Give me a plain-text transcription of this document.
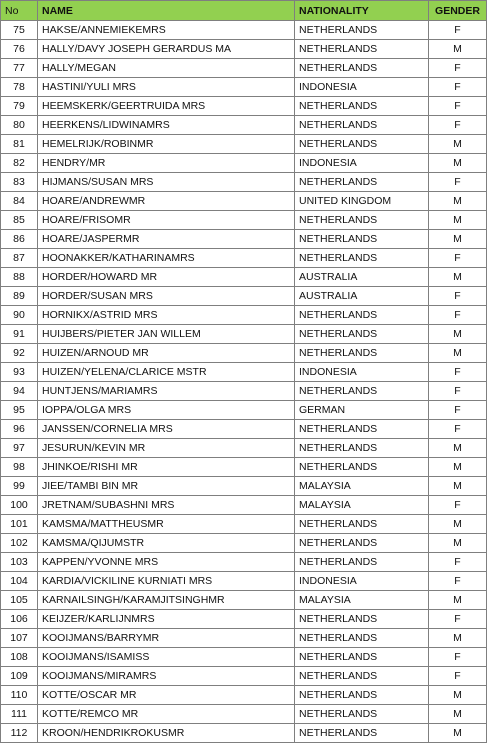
No	NAME	NATIONALITY	GENDER
75	HAKSE/ANNEMIEKEMRS	NETHERLANDS	F
76	HALLY/DAVY JOSEPH GERARDUS MA	NETHERLANDS	M
77	HALLY/MEGAN	NETHERLANDS	F
78	HASTINI/YULI MRS	INDONESIA	F
79	HEEMSKERK/GEERTRUIDA MRS	NETHERLANDS	F
80	HEERKENS/LIDWINAMRS	NETHERLANDS	F
81	HEMELRIJK/ROBINMR	NETHERLANDS	M
82	HENDRY/MR	INDONESIA	M
83	HIJMANS/SUSAN MRS	NETHERLANDS	F
84	HOARE/ANDREWMR	UNITED KINGDOM	M
85	HOARE/FRISOMR	NETHERLANDS	M
86	HOARE/JASPERMR	NETHERLANDS	M
87	HOONAKKER/KATHARINAMRS	NETHERLANDS	F
88	HORDER/HOWARD MR	AUSTRALIA	M
89	HORDER/SUSAN MRS	AUSTRALIA	F
90	HORNIKX/ASTRID MRS	NETHERLANDS	F
91	HUIJBERS/PIETER JAN WILLEM	NETHERLANDS	M
92	HUIZEN/ARNOUD MR	NETHERLANDS	M
93	HUIZEN/YELENA/CLARICE MSTR	INDONESIA	F
94	HUNTJENS/MARIAMRS	NETHERLANDS	F
95	IOPPA/OLGA MRS	GERMAN	F
96	JANSSEN/CORNELIA MRS	NETHERLANDS	F
97	JESURUN/KEVIN MR	NETHERLANDS	M
98	JHINKOE/RISHI MR	NETHERLANDS	M
99	JIEE/TAMBI BIN MR	MALAYSIA	M
100	JRETNAM/SUBASHNI MRS	MALAYSIA	F
101	KAMSMA/MATTHEUSMR	NETHERLANDS	M
102	KAMSMA/QIJUMSTR	NETHERLANDS	M
103	KAPPEN/YVONNE MRS	NETHERLANDS	F
104	KARDIA/VICKILINE KURNIATI MRS	INDONESIA	F
105	KARNAILSINGH/KARAMJITSINGHMR	MALAYSIA	M
106	KEIJZER/KARLIJNMRS	NETHERLANDS	F
107	KOOIJMANS/BARRYMR	NETHERLANDS	M
108	KOOIJMANS/ISAMISS	NETHERLANDS	F
109	KOOIJMANS/MIRAMRS	NETHERLANDS	F
110	KOTTE/OSCAR MR	NETHERLANDS	M
111	KOTTE/REMCO MR	NETHERLANDS	M
112	KROON/HENDRIKROKUSMR	NETHERLANDS	M
